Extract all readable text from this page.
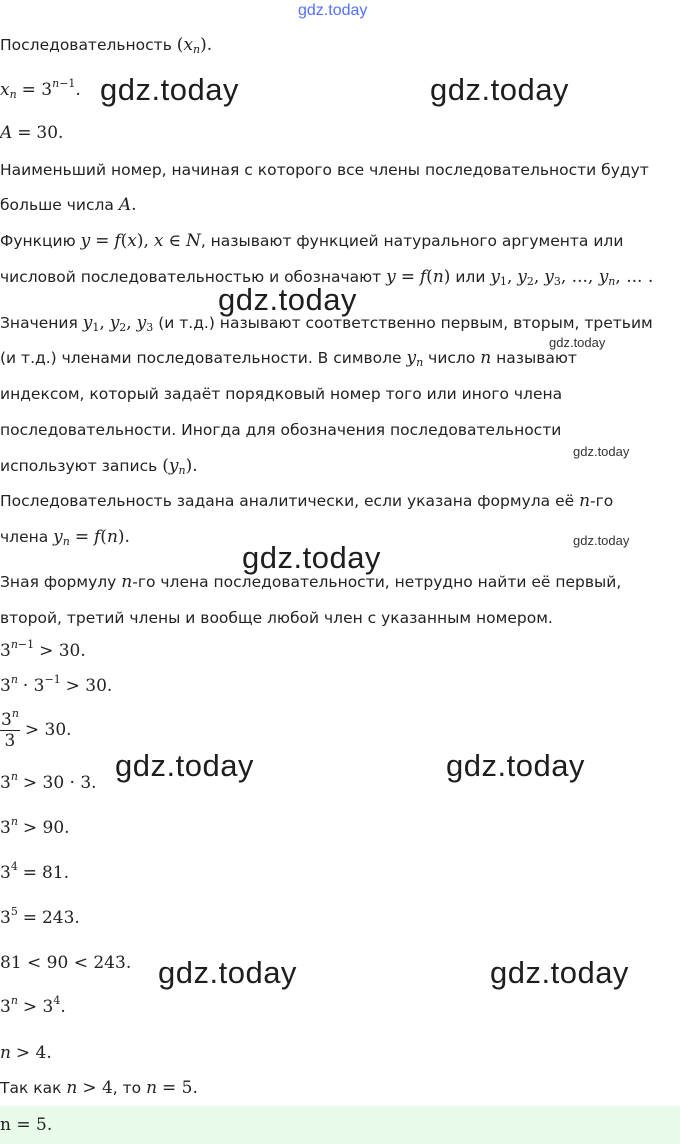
Последовательность $(x_n)$.
$x_n = 3^{n-1}$.
A = 30.
Наименьший номер, начиная с которого все члены последовательности будут
больше числа A.
Функцию y = f(x), x ∈ N, называют функцией натурального аргумента или
числовой последовательностью и обозначают y = f(n) или $y_1$, $y_2$, $y_3$, ..., $y_n$, ... .
Значения $y_1$, $y_2$, $y_3$ (и т.д.) называют соответственно первым, вторым, третьим
(и т.д.) членами последовательности. В символе $y_n$ число n называют
индексом, который задаёт порядковый номер того или иного члена
последовательности. Иногда для обозначения последовательности
используют запись $(y_n)$.
Последовательность задана аналитически, если указана формула её n-го
члена $y_n = f(n)$.
Зная формулу n-го члена последовательности, нетрудно найти её первый,
второй, третий члены и вообще любой член с указанным номером.
$3^{n-1} > 30$.
$3^n \cdot 3^{-1} > 30$.
$\frac{3^n}{3} > 30$.
$3^n > 30 \cdot 3$.
$3^n > 90$.
$3^4 = 81$.
$3^5 = 243$.
81 < 90 < 243.
$3^n > 3^4$.
n > 4.
Так как n > 4, то n = 5.
n = 5.
gdz.today
gdz.today	gdz.today
gdz.today
gdz.today
gdz.today
gdz.today
gdz.today
gdz.today	gdz.today
gdz.today	gdz.today
